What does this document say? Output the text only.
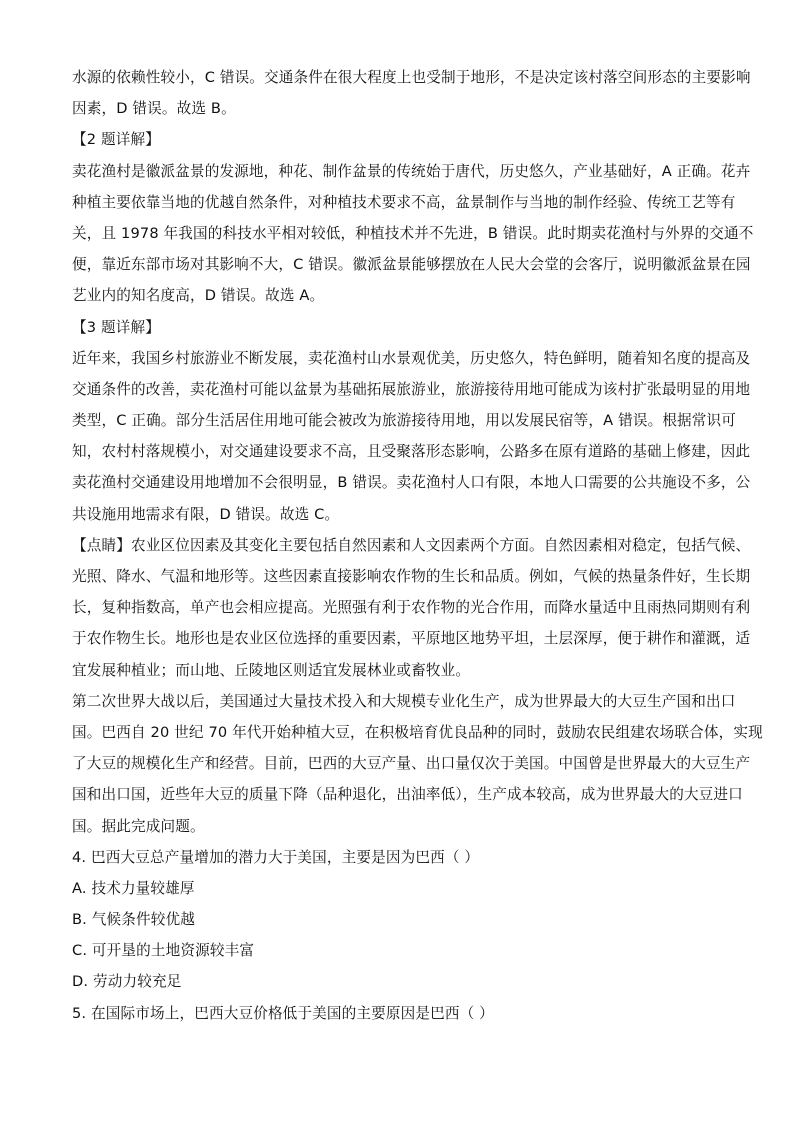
水源的依赖性较小，C 错误。交通条件在很大程度上也受制于地形，不是决定该村落空间形态的主要影响
因素，D 错误。故选 B。
【2 题详解】
卖花渔村是徽派盆景的发源地，种花、制作盆景的传统始于唐代，历史悠久，产业基础好，A 正确。花卉
种植主要依靠当地的优越自然条件，对种植技术要求不高，盆景制作与当地的制作经验、传统工艺等有
关，且 1978 年我国的科技水平相对较低，种植技术并不先进，B 错误。此时期卖花渔村与外界的交通不
便，靠近东部市场对其影响不大，C 错误。徽派盆景能够摆放在人民大会堂的会客厅，说明徽派盆景在园
艺业内的知名度高，D 错误。故选 A。
【3 题详解】
近年来，我国乡村旅游业不断发展，卖花渔村山水景观优美，历史悠久，特色鲜明，随着知名度的提高及
交通条件的改善，卖花渔村可能以盆景为基础拓展旅游业，旅游接待用地可能成为该村扩张最明显的用地
类型，C 正确。部分生活居住用地可能会被改为旅游接待用地，用以发展民宿等，A 错误。根据常识可
知，农村村落规模小，对交通建设要求不高，且受聚落形态影响，公路多在原有道路的基础上修建，因此
卖花渔村交通建设用地增加不会很明显，B 错误。卖花渔村人口有限，本地人口需要的公共施设不多，公
共设施用地需求有限，D 错误。故选 C。
【点睛】农业区位因素及其变化主要包括自然因素和人文因素两个方面。自然因素相对稳定，包括气候、
光照、降水、气温和地形等。这些因素直接影响农作物的生长和品质。例如，气候的热量条件好，生长期
长，复种指数高，单产也会相应提高。光照强有利于农作物的光合作用，而降水量适中且雨热同期则有利
于农作物生长。地形也是农业区位选择的重要因素，平原地区地势平坦，土层深厚，便于耕作和灌溉，适
宜发展种植业；而山地、丘陵地区则适宜发展林业或畜牧业。
第二次世界大战以后，美国通过大量技术投入和大规模专业化生产，成为世界最大的大豆生产国和出口
国。巴西自 20 世纪 70 年代开始种植大豆，在积极培育优良品种的同时，鼓励农民组建农场联合体，实现
了大豆的规模化生产和经营。目前，巴西的大豆产量、出口量仅次于美国。中国曾是世界最大的大豆生产
国和出口国，近些年大豆的质量下降（品种退化，出油率低），生产成本较高，成为世界最大的大豆进口
国。据此完成问题。
4. 巴西大豆总产量增加的潜力大于美国，主要是因为巴西（ ）
A. 技术力量较雄厚
B. 气候条件较优越
C. 可开垦的土地资源较丰富
D. 劳动力较充足
5. 在国际市场上，巴西大豆价格低于美国的主要原因是巴西（ ）
